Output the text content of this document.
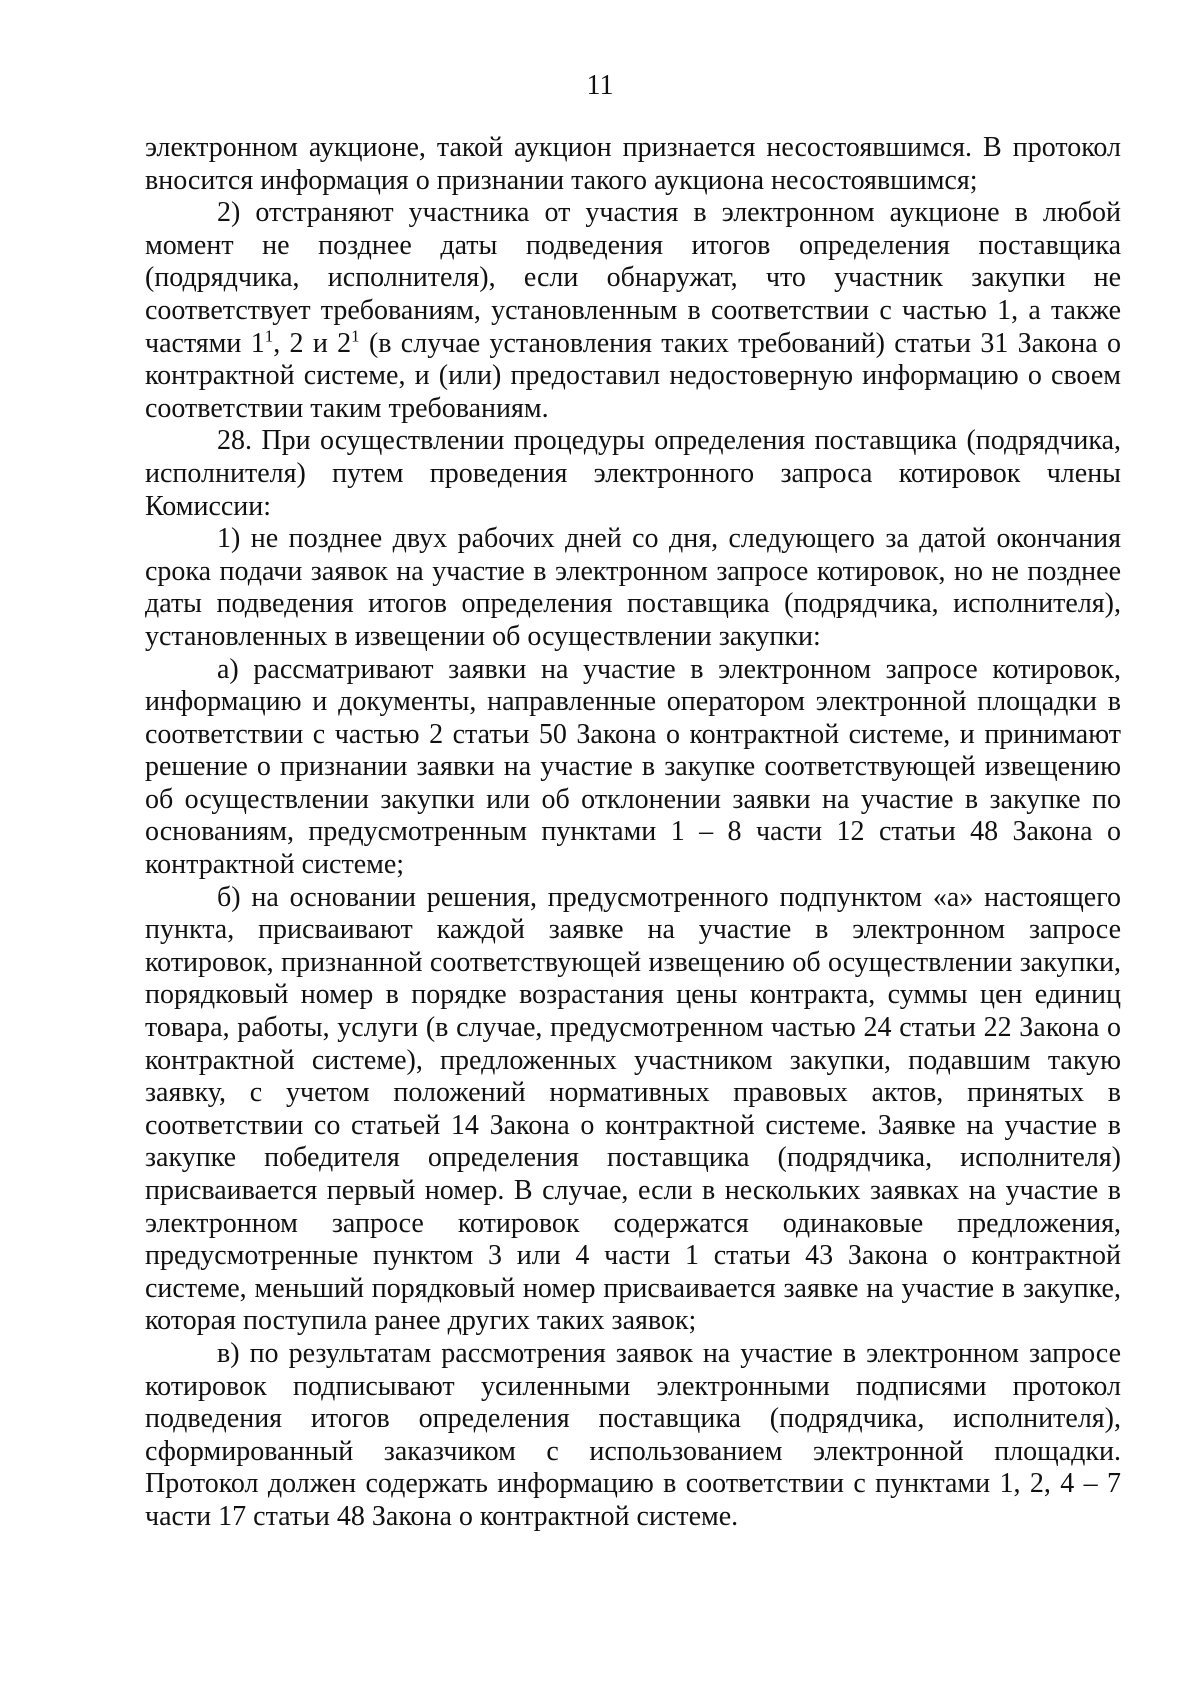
11

электронном аукционе, такой аукцион признается несостоявшимся. В протокол вносится информация о признании такого аукциона несостоявшимся;

2) отстраняют участника от участия в электронном аукционе в любой момент не позднее даты подведения итогов определения поставщика (подрядчика, исполнителя), если обнаружат, что участник закупки не соответствует требованиям, установленным в соответствии с частью 1, а также частями $1^1$, 2 и $2^1$ (в случае установления таких требований) статьи 31 Закона о контрактной системе, и (или) предоставил недостоверную информацию о своем соответствии таким требованиям.

28. При осуществлении процедуры определения поставщика (подрядчика, исполнителя) путем проведения электронного запроса котировок члены Комиссии:

1) не позднее двух рабочих дней со дня, следующего за датой окончания срока подачи заявок на участие в электронном запросе котировок, но не позднее даты подведения итогов определения поставщика (подрядчика, исполнителя), установленных в извещении об осуществлении закупки:

а) рассматривают заявки на участие в электронном запросе котировок, информацию и документы, направленные оператором электронной площадки в соответствии с частью 2 статьи 50 Закона о контрактной системе, и принимают решение о признании заявки на участие в закупке соответствующей извещению об осуществлении закупки или об отклонении заявки на участие в закупке по основаниям, предусмотренным пунктами 1 – 8 части 12 статьи 48 Закона о контрактной системе;

б) на основании решения, предусмотренного подпунктом «а» настоящего пункта, присваивают каждой заявке на участие в электронном запросе котировок, признанной соответствующей извещению об осуществлении закупки, порядковый номер в порядке возрастания цены контракта, суммы цен единиц товара, работы, услуги (в случае, предусмотренном частью 24 статьи 22 Закона о контрактной системе), предложенных участником закупки, подавшим такую заявку, с учетом положений нормативных правовых актов, принятых в соответствии со статьей 14 Закона о контрактной системе. Заявке на участие в закупке победителя определения поставщика (подрядчика, исполнителя) присваивается первый номер. В случае, если в нескольких заявках на участие в электронном запросе котировок содержатся одинаковые предложения, предусмотренные пунктом 3 или 4 части 1 статьи 43 Закона о контрактной системе, меньший порядковый номер присваивается заявке на участие в закупке, которая поступила ранее других таких заявок;

в) по результатам рассмотрения заявок на участие в электронном запросе котировок подписывают усиленными электронными подписями протокол подведения итогов определения поставщика (подрядчика, исполнителя), сформированный заказчиком с использованием электронной площадки. Протокол должен содержать информацию в соответствии с пунктами 1, 2, 4 – 7 части 17 статьи 48 Закона о контрактной системе.
